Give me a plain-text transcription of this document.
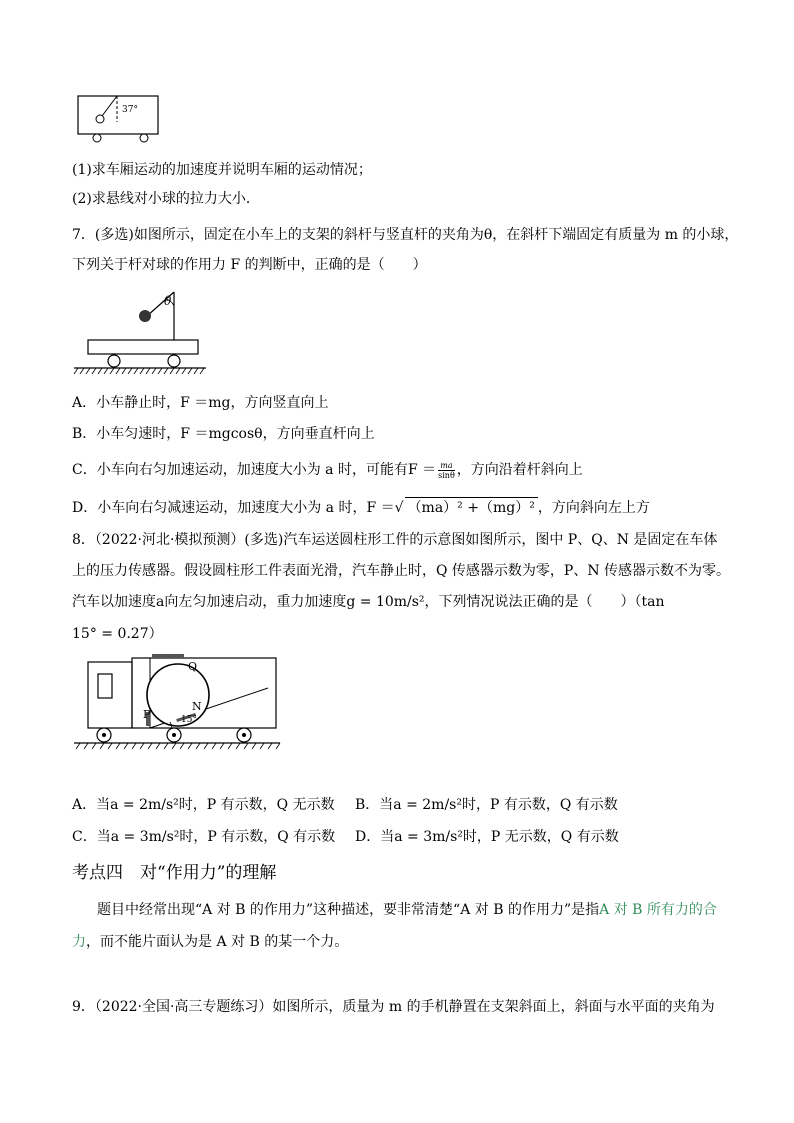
37°
(1)求车厢运动的加速度并说明车厢的运动情况；
(2)求悬线对小球的拉力大小．
7．(多选)如图所示，固定在小车上的支架的斜杆与竖直杆的夹角为θ，在斜杆下端固定有质量为 m 的小球，
下列关于杆对球的作用力 F 的判断中，正确的是（　　）
θ
A．小车静止时，F ＝mg，方向竖直向上
B．小车匀速时，F ＝mgcosθ，方向垂直杆向上
C．小车向右匀加速运动，加速度大小为 a 时，可能有$F = \frac{ma}{\sin\theta}$ ，方向沿着杆斜向上
D．小车向右匀减速运动，加速度大小为 a 时，F ＝√ （ma）² +（mg）² ，方向斜向左上方
8．（2022·河北·模拟预测）(多选)汽车运送圆柱形工件的示意图如图所示，图中 P、Q、N 是固定在车体
上的压力传感器。假设圆柱形工件表面光滑，汽车静止时，Q 传感器示数为零，P、N 传感器示数不为零。
汽车以加速度a向左匀加速启动，重力加速度g = 10m/s²，下列情况说法正确的是（　　）（tan
15° = 0.27）
Q
N
P	15°
A．当a = 2m/s²时，P 有示数，Q 无示数 B．当a = 2m/s²时，P 有示数，Q 有示数
C．当a = 3m/s²时，P 有示数，Q 有示数 D．当a = 3m/s²时，P 无示数，Q 有示数
考点四　对“作用力”的理解
题目中经常出现“A 对 B 的作用力”这种描述，要非常清楚“A 对 B 的作用力”是指A 对 B 所有力的合
力，而不能片面认为是 A 对 B 的某一个力。
9．（2022·全国·高三专题练习）如图所示，质量为 m 的手机静置在支架斜面上，斜面与水平面的夹角为
